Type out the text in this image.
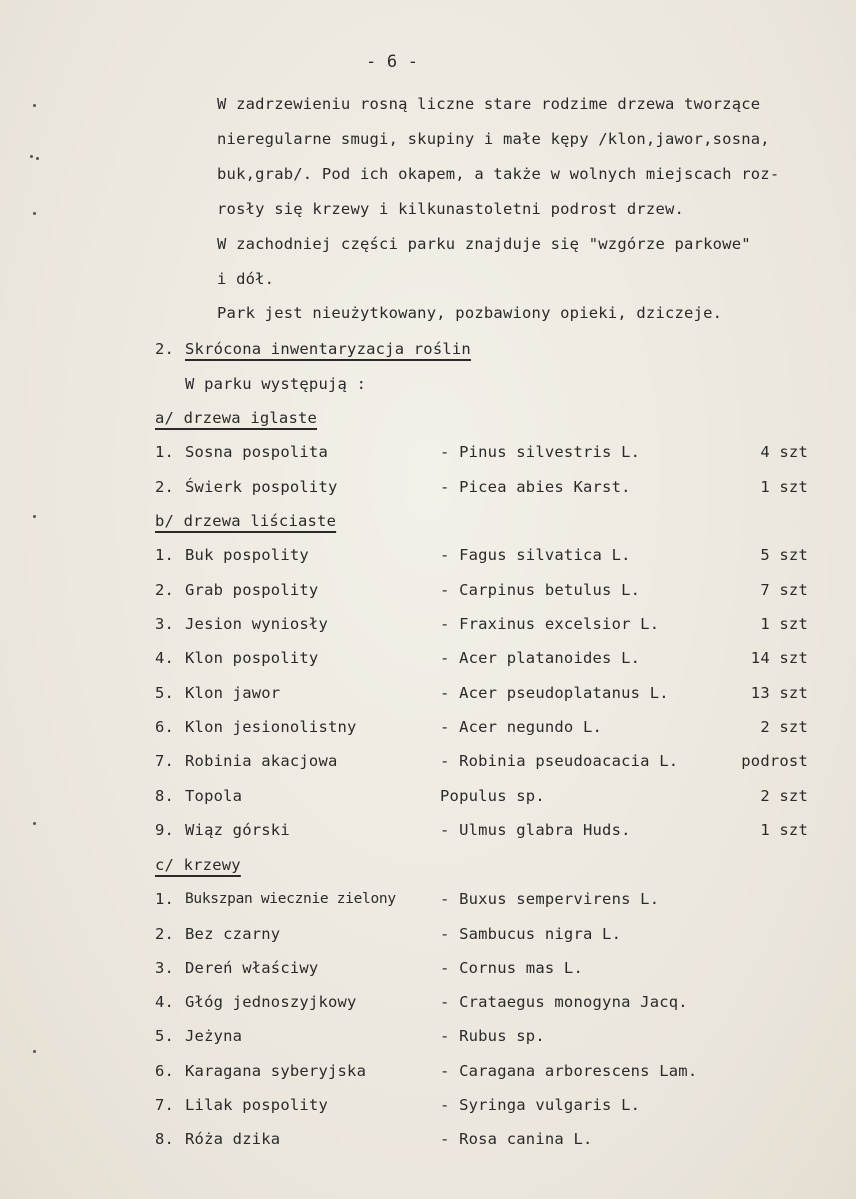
- 6 -
W zadrzewieniu rosną liczne stare rodzime drzewa tworzące
nieregularne smugi, skupiny i małe kępy /klon,jawor,sosna,
buk,grab/. Pod ich okapem, a także w wolnych miejscach roz-
rosły się krzewy i kilkunastoletni podrost drzew.
W zachodniej części parku znajduje się "wzgórze parkowe"
i dół.
Park jest nieużytkowany, pozbawiony opieki, dziczeje.
2. Skrócona inwentaryzacja roślin
W parku występują :
a/ drzewa iglaste
1. Sosna pospolita	- Pinus silvestris L.	4 szt
2. Świerk pospolity	- Picea abies Karst.	1 szt
b/ drzewa liściaste
1. Buk pospolity	- Fagus silvatica L.	5 szt
2. Grab pospolity	- Carpinus betulus L.	7 szt
3. Jesion wyniosły	- Fraxinus excelsior L.	1 szt
4. Klon pospolity	- Acer platanoides L.	14 szt
5. Klon jawor	- Acer pseudoplatanus L.	13 szt
6. Klon jesionolistny	- Acer negundo L.	2 szt
7. Robinia akacjowa	- Robinia pseudoacacia L.	podrost
8. Topola	Populus sp.	2 szt
9. Wiąz górski	- Ulmus glabra Huds.	1 szt
c/ krzewy
1. Bukszpan wiecznie zielony	- Buxus sempervirens L.
2. Bez czarny	- Sambucus nigra L.
3. Dereń właściwy	- Cornus mas L.
4. Głóg jednoszyjkowy	- Crataegus monogyna Jacq.
5. Jeżyna	- Rubus sp.
6. Karagana syberyjska	- Caragana arborescens Lam.
7. Lilak pospolity	- Syringa vulgaris L.
8. Róża dzika	- Rosa canina L.
